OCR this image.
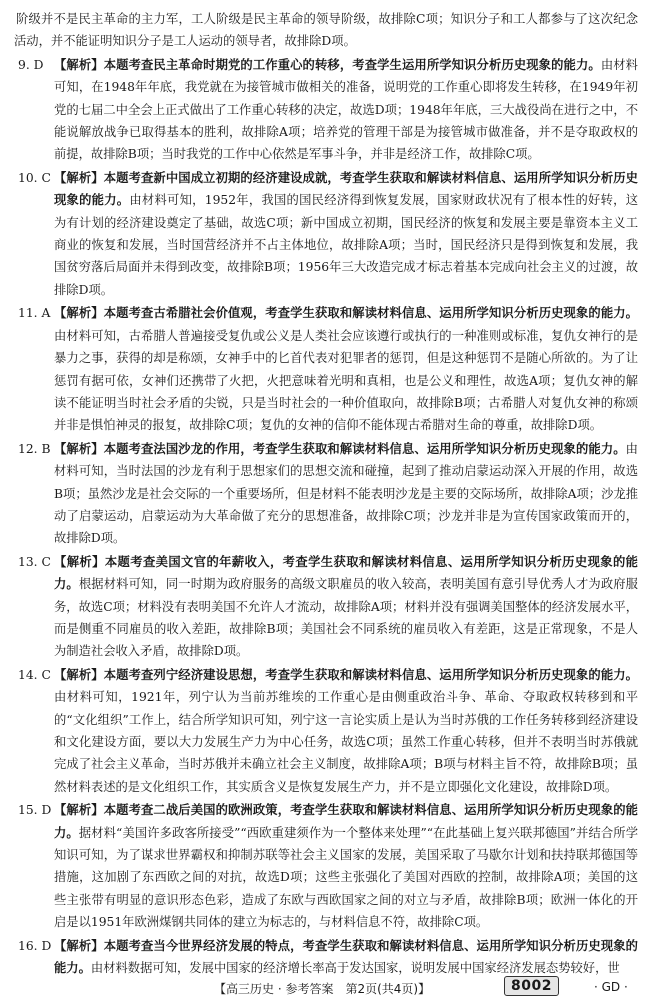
阶级并不是民主革命的主力军，工人阶级是民主革命的领导阶级，故排除C项；知识分子和工人都参与了这次纪念活动，并不能证明知识分子是工人运动的领导者，故排除D项。

9. D 【解析】本题考查民主革命时期党的工作重心的转移，考查学生运用所学知识分析历史现象的能力。由材料可知，在1948年年底，我党就在为接管城市做相关的准备，说明党的工作重心即将发生转移，在1949年初党的七届二中全会上正式做出了工作重心转移的决定，故选D项；1948年年底，三大战役尚在进行之中，不能说解放战争已取得基本的胜利，故排除A项；培养党的管理干部是为接管城市做准备，并不是夺取政权的前提，故排除B项；当时我党的工作中心依然是军事斗争，并非是经济工作，故排除C项。
10. C 【解析】本题考查新中国成立初期的经济建设成就，考查学生获取和解读材料信息、运用所学知识分析历史现象的能力。由材料可知，1952年，我国的国民经济得到恢复发展，国家财政状况有了根本性的好转，这为有计划的经济建设奠定了基础，故选C项；新中国成立初期，国民经济的恢复和发展主要是靠资本主义工商业的恢复和发展，当时国营经济并不占主体地位，故排除A项；当时，国民经济只是得到恢复和发展，我国贫穷落后局面并未得到改变，故排除B项；1956年三大改造完成才标志着基本完成向社会主义的过渡，故排除D项。
11. A 【解析】本题考查古希腊社会价值观，考查学生获取和解读材料信息、运用所学知识分析历史现象的能力。由材料可知，古希腊人普遍接受复仇或公义是人类社会应该遵行或执行的一种准则或标准，复仇女神行的是暴力之事，获得的却是称颂，女神手中的匕首代表对犯罪者的惩罚，但是这种惩罚不是随心所欲的。为了让惩罚有据可依，女神们还携带了火把，火把意味着光明和真相，也是公义和理性，故选A项；复仇女神的解读不能证明当时社会矛盾的尖锐，只是当时社会的一种价值取向，故排除B项；古希腊人对复仇女神的称颂并非是惧怕神灵的报复，故排除C项；复仇的女神的信仰不能体现古希腊对生命的尊重，故排除D项。
12. B 【解析】本题考查法国沙龙的作用，考查学生获取和解读材料信息、运用所学知识分析历史现象的能力。由材料可知，当时法国的沙龙有利于思想家们的思想交流和碰撞，起到了推动启蒙运动深入开展的作用，故选B项；虽然沙龙是社会交际的一个重要场所，但是材料不能表明沙龙是主要的交际场所，故排除A项；沙龙推动了启蒙运动，启蒙运动为大革命做了充分的思想准备，故排除C项；沙龙并非是为宣传国家政策而开的，故排除D项。
13. C 【解析】本题考查美国文官的年薪收入，考查学生获取和解读材料信息、运用所学知识分析历史现象的能力。根据材料可知，同一时期为政府服务的高级文职雇员的收入较高，表明美国有意引导优秀人才为政府服务，故选C项；材料没有表明美国不允许人才流动，故排除A项；材料并没有强调美国整体的经济发展水平，而是侧重不同雇员的收入差距，故排除B项；美国社会不同系统的雇员收入有差距，这是正常现象，不是人为制造社会收入矛盾，故排除D项。
14. C 【解析】本题考查列宁经济建设思想，考查学生获取和解读材料信息、运用所学知识分析历史现象的能力。由材料可知，1921年，列宁认为当前苏维埃的工作重心是由侧重政治斗争、革命、夺取政权转移到和平的“文化组织”工作上，结合所学知识可知，列宁这一言论实质上是认为当时苏俄的工作任务转移到经济建设和文化建设方面，要以大力发展生产力为中心任务，故选C项；虽然工作重心转移，但并不表明当时苏俄就完成了社会主义革命，当时苏俄并未确立社会主义制度，故排除A项；B项与材料主旨不符，故排除B项；虽然材料表述的是文化组织工作，其实质含义是恢复发展生产力，并不是立即强化文化建设，故排除D项。
15. D 【解析】本题考查二战后美国的欧洲政策，考查学生获取和解读材料信息、运用所学知识分析历史现象的能力。据材料“美国许多政客所接受”“西欧重建须作为一个整体来处理”“在此基础上复兴联邦德国”并结合所学知识可知，为了谋求世界霸权和抑制苏联等社会主义国家的发展，美国采取了马歇尔计划和扶持联邦德国等措施，这加剧了东西欧之间的对抗，故选D项；这些主张强化了美国对西欧的控制，故排除A项；美国的这些主张带有明显的意识形态色彩，造成了东欧与西欧国家之间的对立与矛盾，故排除B项；欧洲一体化的开启是以1951年欧洲煤钢共同体的建立为标志的，与材料信息不符，故排除C项。
16. D 【解析】本题考查当今世界经济发展的特点，考查学生获取和解读材料信息、运用所学知识分析历史现象的能力。由材料数据可知，发展中国家的经济增长率高于发达国家，说明发展中国家经济发展态势较好，世
【高三历史 · 参考答案　第2页(共4页)】	8002	· GD ·
